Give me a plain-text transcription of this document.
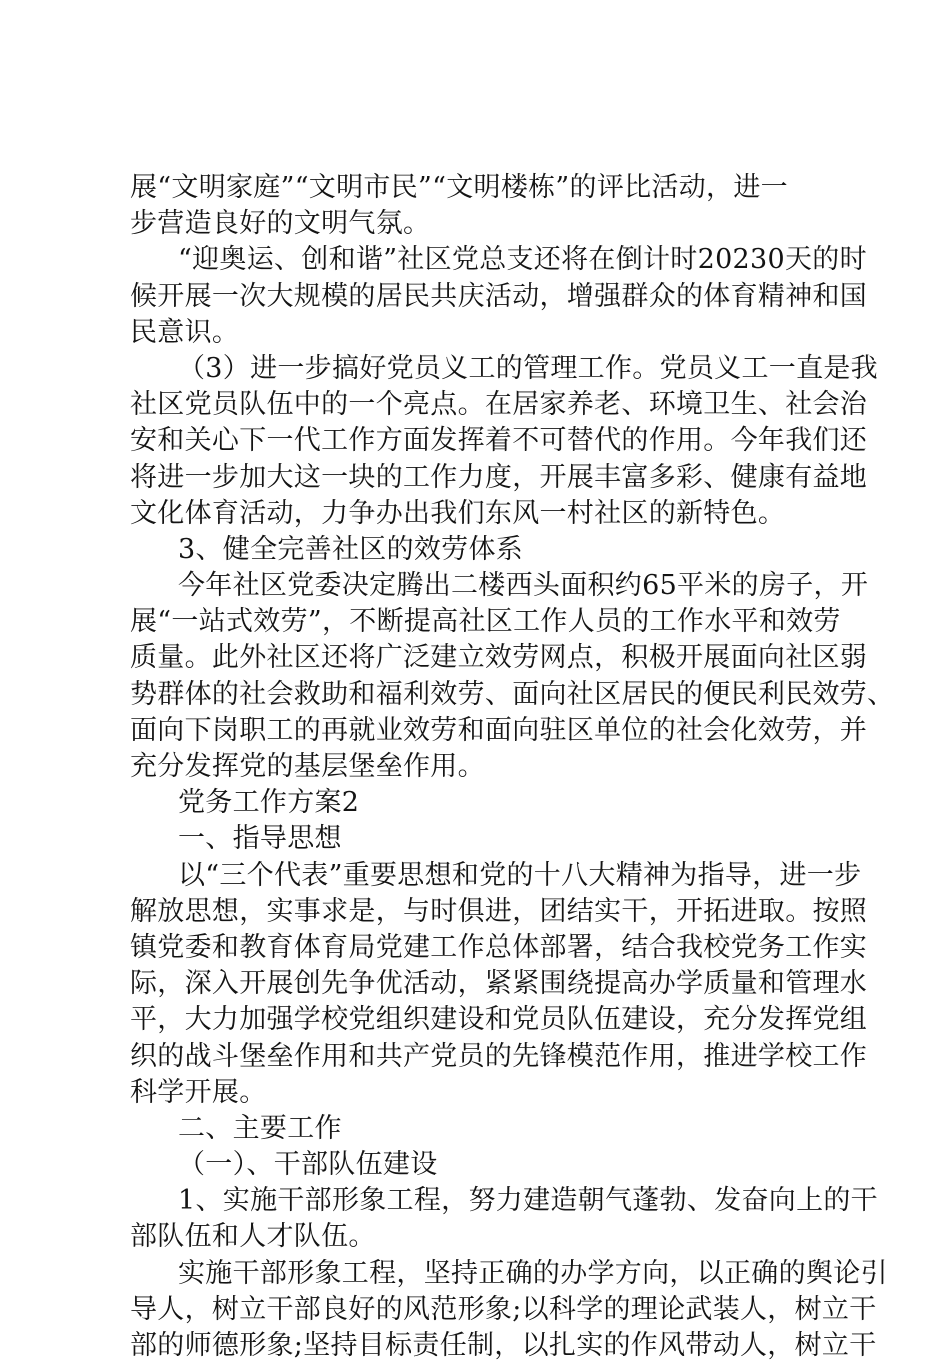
展“文明家庭”“文明市民”“文明楼栋”的评比活动，进一
步营造良好的文明气氛。
“迎奥运、创和谐”社区党总支还将在倒计时20230天的时
候开展一次大规模的居民共庆活动，增强群众的体育精神和国
民意识。
（3）进一步搞好党员义工的管理工作。党员义工一直是我
社区党员队伍中的一个亮点。在居家养老、环境卫生、社会治
安和关心下一代工作方面发挥着不可替代的作用。今年我们还
将进一步加大这一块的工作力度，开展丰富多彩、健康有益地
文化体育活动，力争办出我们东风一村社区的新特色。
3、健全完善社区的效劳体系
今年社区党委决定腾出二楼西头面积约65平米的房子，开
展“一站式效劳”，不断提高社区工作人员的工作水平和效劳
质量。此外社区还将广泛建立效劳网点，积极开展面向社区弱
势群体的社会救助和福利效劳、面向社区居民的便民利民效劳、
面向下岗职工的再就业效劳和面向驻区单位的社会化效劳，并
充分发挥党的基层堡垒作用。
党务工作方案2
一、指导思想
以“三个代表”重要思想和党的十八大精神为指导，进一步
解放思想，实事求是，与时俱进，团结实干，开拓进取。按照
镇党委和教育体育局党建工作总体部署，结合我校党务工作实
际，深入开展创先争优活动，紧紧围绕提高办学质量和管理水
平，大力加强学校党组织建设和党员队伍建设，充分发挥党组
织的战斗堡垒作用和共产党员的先锋模范作用，推进学校工作
科学开展。
二、主要工作
（一）、干部队伍建设
1、实施干部形象工程，努力建造朝气蓬勃、发奋向上的干
部队伍和人才队伍。
实施干部形象工程，坚持正确的办学方向，以正确的舆论引
导人，树立干部良好的风范形象;以科学的理论武装人，树立干
部的师德形象;坚持目标责任制，以扎实的作风带动人，树立干
